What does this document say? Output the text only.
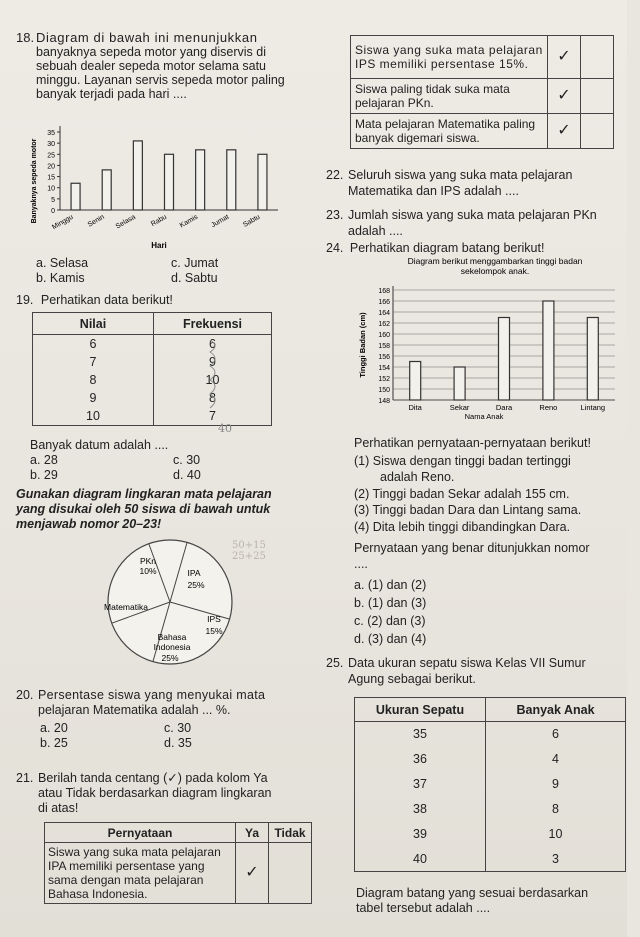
18. Diagram di bawah ini menunjukkan
banyaknya sepeda motor yang diservis di
sebuah dealer sepeda motor selama satu
minggu. Layanan servis sepeda motor paling
banyak terjadi pada hari ....
0
5
10
15
20
25
30
35
Minggu Senin Selasa Rabu Kamis Jumat Sabtu
Banyaknya sepeda motor
Hari
a. Selasa	c. Jumat
b. Kamis	d. Sabtu
19. Perhatikan data berikut!
Nilai	Frekuensi
6	6
7	9
8	10
9	8
10	7
40
Banyak datum adalah ....
a. 28	c. 30
b. 29	d. 40
Gunakan diagram lingkaran mata pelajaran
yang disukai oleh 50 siswa di bawah untuk
menjawab nomor 20–23!
PKn
10%	IPA
25%
Matematika
IPS
15%
Bahasa
Indonesia
25%
20. Persentase siswa yang menyukai mata
pelajaran Matematika adalah ... %.
a. 20	c. 30
b. 25	d. 35
21. Berilah tanda centang (✓) pada kolom Ya
atau Tidak berdasarkan diagram lingkaran
di atas!
Pernyataan	Ya	Tidak
Siswa yang suka mata pelajaran IPA memiliki persentase yang sama dengan mata pelajaran Bahasa Indonesia.	✓	
Siswa yang suka mata pelajaran IPS memiliki persentase 15%.	✓	
Siswa paling tidak suka mata pelajaran PKn.	✓	
Mata pelajaran Matematika paling banyak digemari siswa.	✓	
22. Seluruh siswa yang suka mata pelajaran
Matematika dan IPS adalah ....
23. Jumlah siswa yang suka mata pelajaran PKn
adalah ....
24. Perhatikan diagram batang berikut!
Diagram berikut menggambarkan tinggi badan
sekelompok anak.
148
150
152
154
156
158
160
162
164
166
168
Dita	Sekar	Dara	Reno	Lintang
Tinggi Badan (cm)
Nama Anak
Perhatikan pernyataan-pernyataan berikut!
(1) Siswa dengan tinggi badan tertinggi
adalah Reno.
(2) Tinggi badan Sekar adalah 155 cm.
(3) Tinggi badan Dara dan Lintang sama.
(4) Dita lebih tinggi dibandingkan Dara.
Pernyataan yang benar ditunjukkan nomor
....
a. (1) dan (2)
b. (1) dan (3)
c. (2) dan (3)
d. (3) dan (4)
25. Data ukuran sepatu siswa Kelas VII Sumur
Agung sebagai berikut.
Ukuran Sepatu	Banyak Anak
35	6
36	4
37	9
38	8
39	10
40	3
Diagram batang yang sesuai berdasarkan
tabel tersebut adalah ....
50+15
25+25
